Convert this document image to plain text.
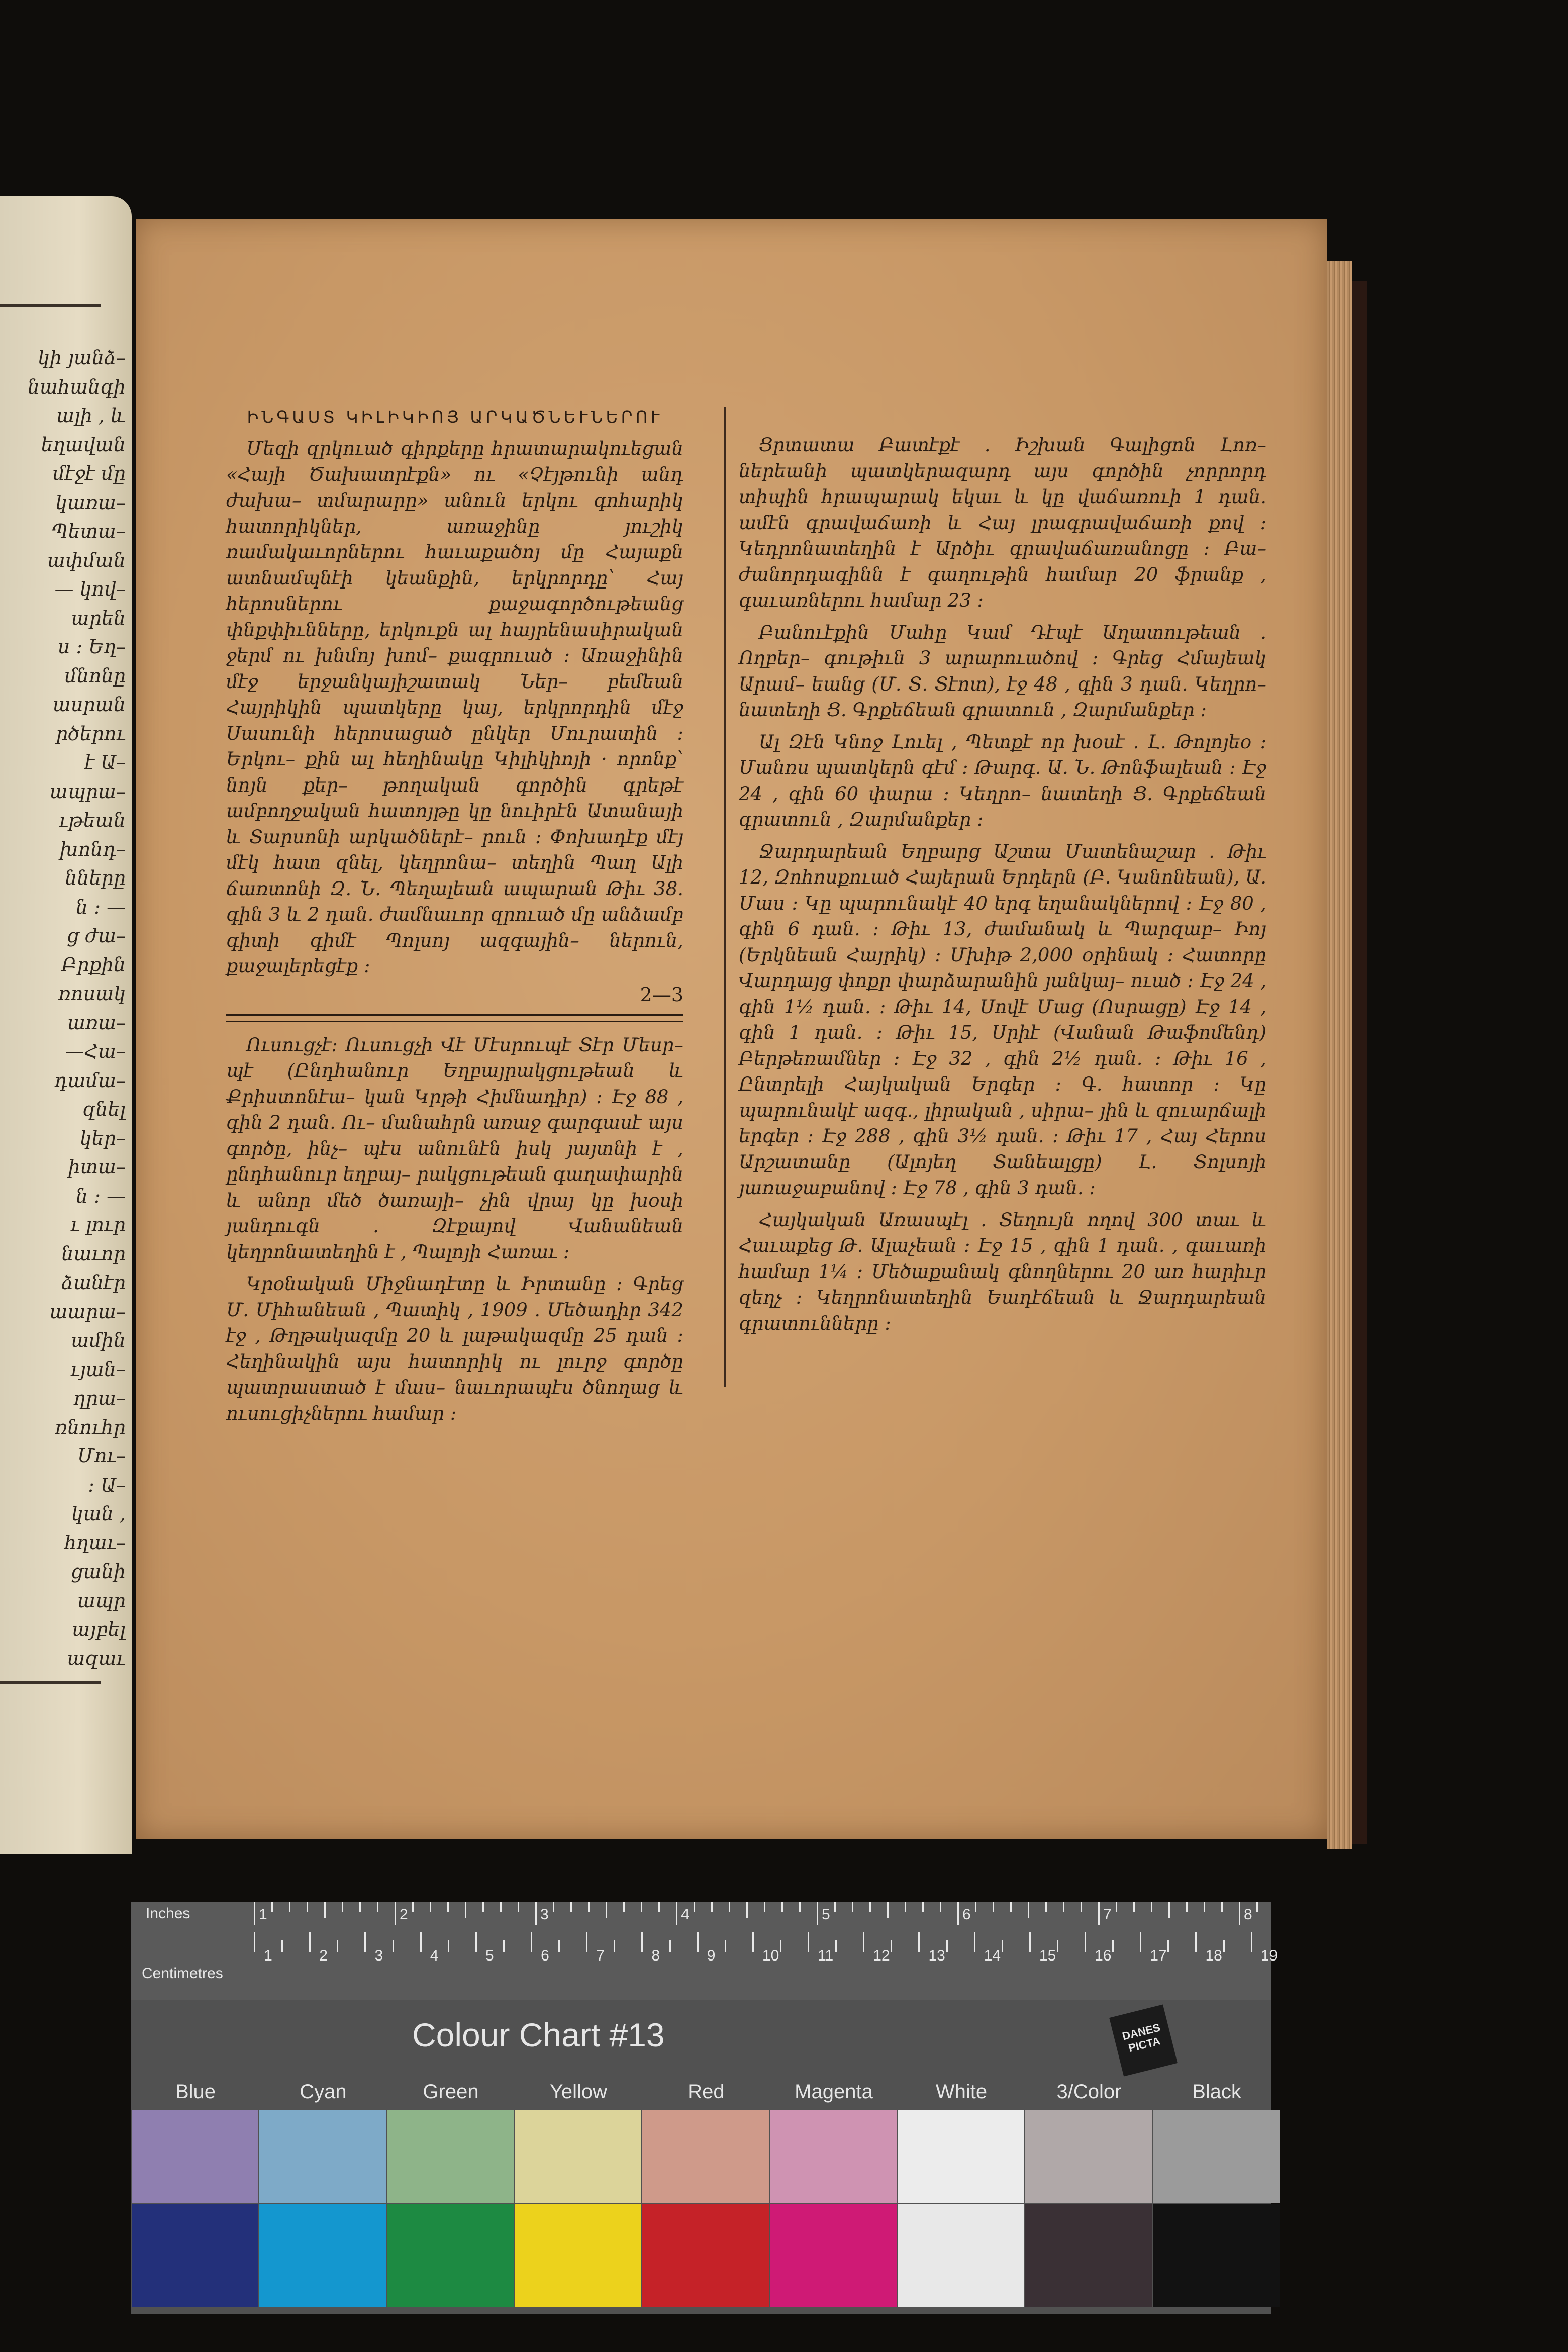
կի յանձ–
նահանգի
ալի , և
եղավան
մէջէ մը
կառա–
Պետա–
ափման
— կով–
արեն
ս : Եղ–
մնոնը
ասրան
րծերու
է Ա–
ապրա–
ւթեան
խոնդ–
նները
ն : —
ց ժա–
Բրքին
ռոսակ
առա–
—Հա–
դամա–
զնել
կեր–
իտա–
ն : —
ւ լուր
նաւոր
ձանէր
աարա–
ամին
ւյան–
ղրա–
ռնուհր
Մու–
։ Ա–
կան ,
հղաւ–
ցանի
ապր
այբել
ազաւ
ԻՆԳԱՍՏ ԿԻԼԻԿԻՈՅ ԱՐԿԱԾՆԵՒՆԵՐՈՒ

Մեզի զրկուած գիրքերը հրատարակուեցան «Հայի Ծախատրէքն» ու «Չէյթունի անդ ժախա– տմարարը» անուն երկու գոհարիկ հատորիկներ, առաջինը յուշիկ ռամակաւորներու հաւաքածոյ մը Հայաքն ատնամպնէի կեանքին, երկրորդը՝ Հայ հերոսներու քաջագործութեանց փնքփիւնները, երկուքն ալ հայրենասիրական ջերմ ու խնմոյ խոմ– քագրուած : Առաջինին մէջ երջանկայիշատակ Ներ– բեմեան Հայրիկին պատկերը կայ, երկրորդին մէջ Սասունի հերոսացած ընկեր Մուրատին : Երկու– քին ալ հեղինակը Կիլիկիոյի · որոնք՝ նոյն քեր– թողական գործին գրեթէ ամբողջական հատոյթը կը նուիրէն Ատանայի և Տարսոնի արկածներէ– րուն : Փոխադէք մէյ մէկ հատ զնել, կեղրոնա– տեղին Պաղ Ալի ճառտոնի Զ. Ն. Պեղալեան ապարան Թիւ 38. գին 3 և 2 դան. ժամնաւոր զրուած մը անձամբ գիտի գիմէ Պոլսոյ ազգային– ներուն, քաջալերեցէք :

2—3

Ուսուցչէ։ Ուսուցչի Վէ Մէսրուպէ Տէր Մեսր– պէ (Ընդհանուր Եղբայրակցութեան և Քրիստոնէա– կան Կրթի Հիմնադիր) : Էջ 88 , գին 2 դան. Ու– մանահրն առաջ գարգասէ այս գործը, ինչ– պէս անունէն իսկ յայտնի է , ընդհանուր եղբայ– րակցութեան գաղափարին և անոր մեծ ծառայի– չին վրայ կը խօսի յանդուգն . Զէքայով Վանանեան կեղրոնատեղին է , Պալոյի Հառաւ :

Կրօնական Միջնադէտը և Իրտանը : Գրեց Մ. Միհանեան , Պատիկ , 1909 . Մեծադիր 342 էջ , Թղթակազմը 20 և լաթակազմը 25 դան : Հեղինակին այս հատորիկ ու լուրջ գործը պատրաստած է մաս– նաւորապէս ծնողաց և ուսուցիչներու համար :

Ցրտատա Բատէքէ . Իշխան Գալիցոն Լոռ– ներեանի պատկերազարդ այս գործին չորրորդ տիպին հրապարակ եկաւ և կը վաճառուի 1 դան. ամէն գրավաճառի և Հայ լրագրավաճառի քով : Կեդրոնատեղին է Արծիւ գրավաճառանոցը : Բա– ժանորդագինն է գաղութին համար 20 ֆրանք , գաւառներու համար 23 :

Բանուէքին Մահը Կամ Դէպէ Աղատութեան . Ողբեր– գութիւն 3 արարուածով : Գրեց Հմայեակ Արամ– եանց (Մ. Տ. Տէոտ), էջ 48 , գին 3 դան. Կեղրո– նատեղի Ց. Գրքեճեան գրատուն , Զարմանքեր :

Ալ Զէն Կնոջ Լուել , Պետքէ որ խօսէ . Լ. Թոլոյեօ : Մանռս պատկերն գէմ : Թարգ. Ա. Ն. Թոնֆալեան : Էջ 24 , գին 60 փարա : Կեղրո– նատեղի Ց. Գրքեճեան գրատուն , Զարմանքեր :

Ջարդարեան Եղբարց Աշտա Մատենաշար . Թիւ 12, Զոհոսքուած Հայերան Երդերն (Բ. Կանոնեան), Ա. Մաս : Կը պարունակէ 40 երգ եղանակներով : Էջ 80 , գին 6 դան. : Թիւ 13, ժամանակ և Պարզաբ– Իոյ (Երկնեան Հայրիկ) : Մխիթ 2,000 օրինակ : Հատորը Վարդայց փոքր փարձարանին յանկայ– ուած : Էջ 24 , գին 1½ դան. : Թիւ 14, Սովէ Մաց (Ոսրացը) Էջ 14 , գին 1 դան. : Թիւ 15, Սրիէ (Վանան Թաֆոմենդ) Բերթեռամներ : Էջ 32 , գին 2½ դան. : Թիւ 16 , Ընտրելի Հայկական Երգեր : Գ. հատոր : Կը պարունակէ ազգ., լիրական , սիրա– յին և զուարճալի երգեր : Էջ 288 , գին 3½ դան. : Թիւ 17 , Հայ Հերոս Արշատանը (Ալոյեղ Տանեալցը) Լ. Տոլսոյի յառաջաբանով : Էջ 78 , գին 3 դան. :

Հայկական Առասպէլ . Տեղույն ողով 300 տաւ և Հաւաքեց Թ. Ալաչեան : Էջ 15 , գին 1 դան. , գաւառի համար 1¼ : Մեծաքանակ գնողներու 20 առ հարիւր զեղչ : Կեղրոնատեղին Եադէճեան և Ջարդարեան գրատունները :

Inches
Centimetres
1	2	3	4	5	6	7	8
1	2	3	4	5	6	7	8	9	10	11	12	13	14	15	16	17	18	19
Colour Chart #13	DANES PICTA
Blue	Cyan	Green	Yellow	Red	Magenta	White	3/Color	Black
